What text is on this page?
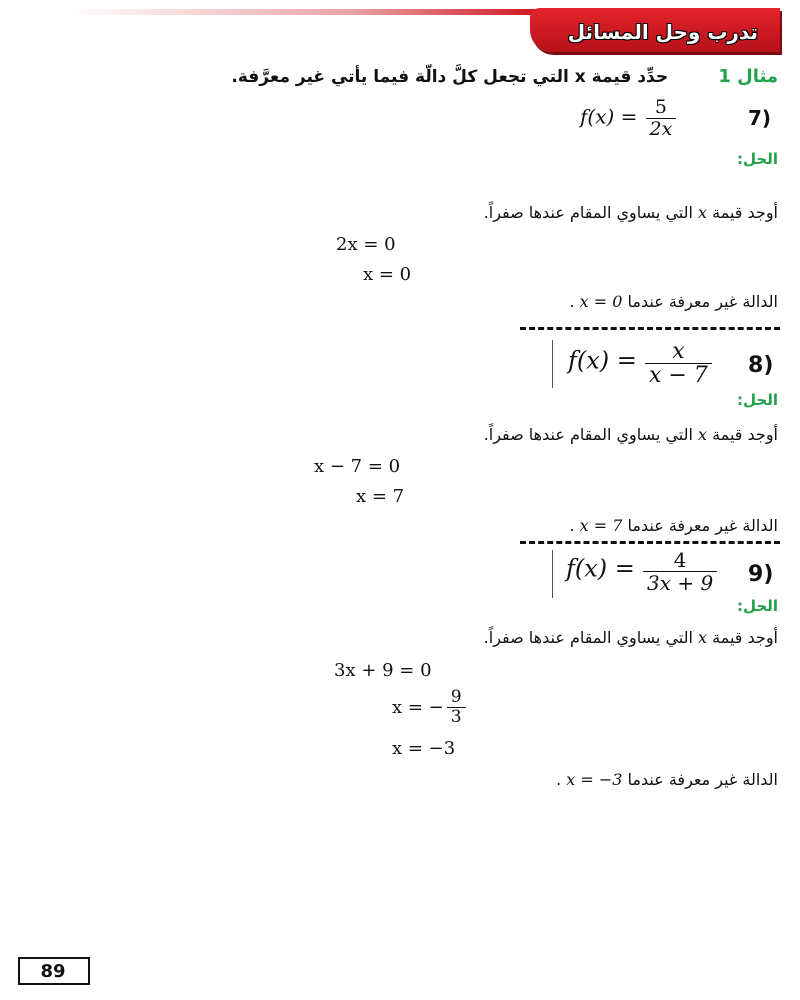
تدرب وحل المسائل
مثال 1  حدِّد قيمة x التي تجعل كلَّ دالّة فيما يأتي غير معرَّفة.
$f(x) = \frac{5}{2x}$	7)
الحل:
أوجد قيمة x التي يساوي المقام عندها صفراً.
2x = 0
x = 0
الدالة غير معرفة عندما x = 0 .
$f(x) = \frac{x}{x - 7} 8$)
الحل:
أوجد قيمة x التي يساوي المقام عندها صفراً.
x − 7 = 0
x = 7
الدالة غير معرفة عندما x = 7 .
$f(x) = \frac{4}{3x + 9} 9$)
الحل:
أوجد قيمة x التي يساوي المقام عندها صفراً.
3x + 9 = 0
x = − $\frac{9}{3}$
x = −3
الدالة غير معرفة عندما x = −3 .
89
